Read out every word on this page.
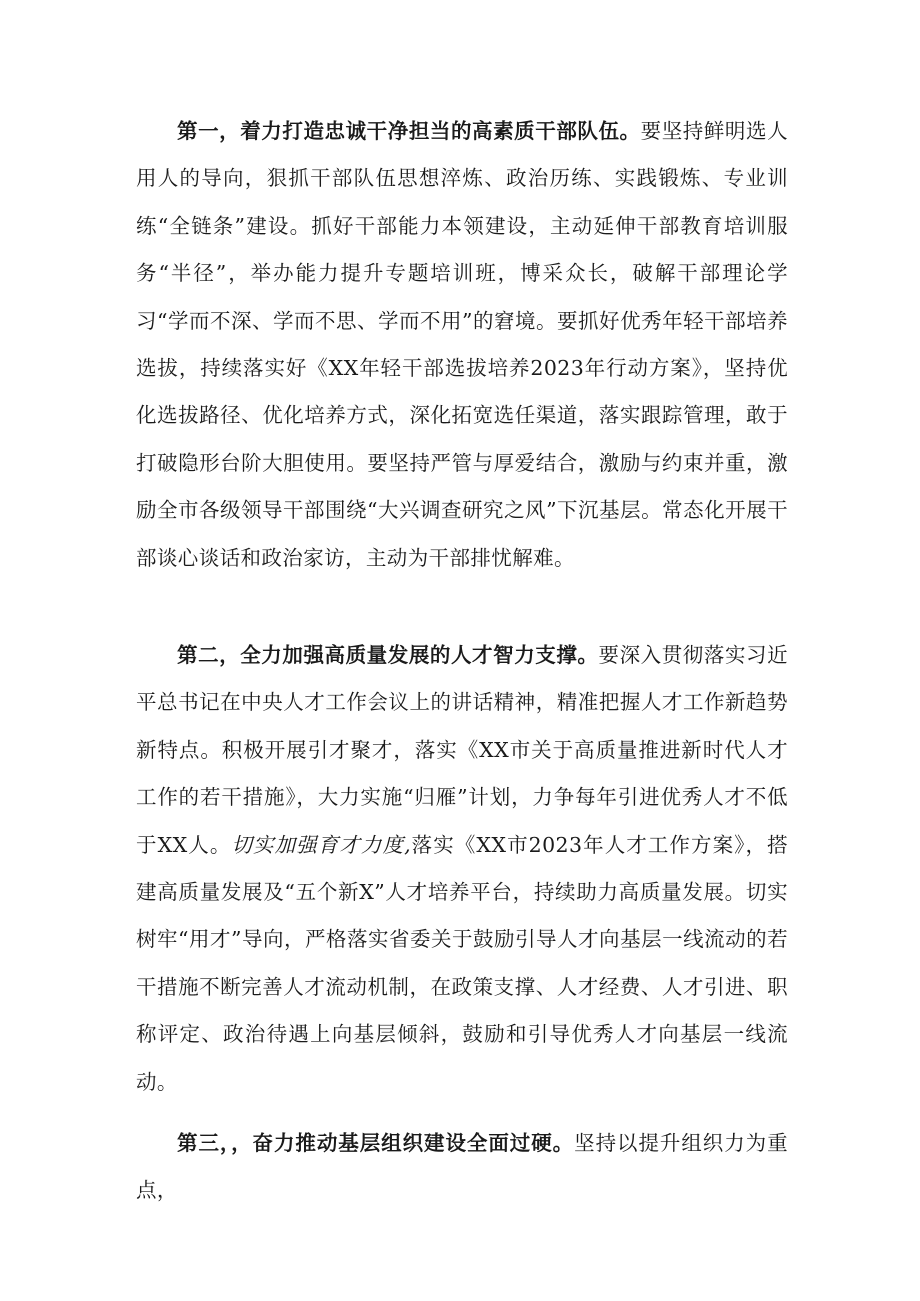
第一，着力打造忠诚干净担当的高素质干部队伍。要坚持鲜明选人用人的导向，狠抓干部队伍思想淬炼、政治历练、实践锻炼、专业训练“全链条”建设。抓好干部能力本领建设，主动延伸干部教育培训服务“半径”，举办能力提升专题培训班，博采众长，破解干部理论学习“学而不深、学而不思、学而不用”的窘境。要抓好优秀年轻干部培养选拔，持续落实好《XX年轻干部选拔培养2023年行动方案》，坚持优化选拔路径、优化培养方式，深化拓宽选任渠道，落实跟踪管理，敢于打破隐形台阶大胆使用。要坚持严管与厚爱结合，激励与约束并重，激励全市各级领导干部围绕“大兴调查研究之风”下沉基层。常态化开展干部谈心谈话和政治家访，主动为干部排忧解难。

第二，全力加强高质量发展的人才智力支撑。要深入贯彻落实习近平总书记在中央人才工作会议上的讲话精神，精准把握人才工作新趋势新特点。积极开展引才聚才，落实《XX市关于高质量推进新时代人才工作的若干措施》，大力实施“归雁”计划，力争每年引进优秀人才不低于XX人。切实加强育才力度,落实《XX市2023年人才工作方案》，搭建高质量发展及“五个新X”人才培养平台，持续助力高质量发展。切实树牢“用才”导向，严格落实省委关于鼓励引导人才向基层一线流动的若干措施不断完善人才流动机制，在政策支撑、人才经费、人才引进、职称评定、政治待遇上向基层倾斜，鼓励和引导优秀人才向基层一线流动。

第三，，奋力推动基层组织建设全面过硬。坚持以提升组织力为重点，
